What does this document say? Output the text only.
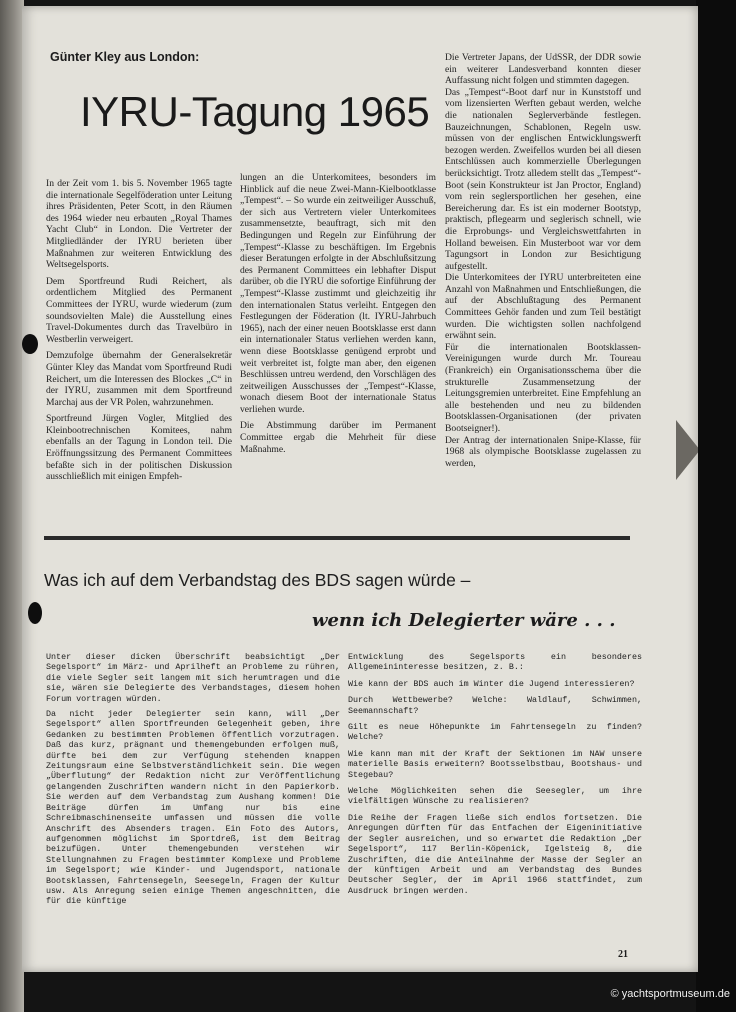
Günter Kley aus London:
IYRU-Tagung 1965

In der Zeit vom 1. bis 5. November 1965 tagte die internationale Segelföderation unter Leitung ihres Präsidenten, Peter Scott, in den Räumen des 1964 wieder neu erbauten „Royal Thames Yacht Club“ in London. Die Vertreter der Mitgliedländer der IYRU berieten über Maßnahmen zur weiteren Entwicklung des Weltsegelsports.

Dem Sportfreund Rudi Reichert, als ordentlichem Mitglied des Permanent Committees der IYRU, wurde wiederum (zum soundsovielten Male) die Ausstellung eines Travel-Dokumentes durch das Travelbüro in Westberlin verweigert.

Demzufolge übernahm der Generalsekretär Günter Kley das Mandat vom Sportfreund Rudi Reichert, um die Interessen des Blockes „C“ in der IYRU, zusammen mit dem Sportfreund Marchaj aus der VR Polen, wahrzunehmen.

Sportfreund Jürgen Vogler, Mitglied des Kleinbootrechnischen Komitees, nahm ebenfalls an der Tagung in London teil. Die Eröffnungssitzung des Permanent Committees befaßte sich in der politischen Diskussion ausschließlich mit einigen Empfeh-

lungen an die Unterkomitees, besonders im Hinblick auf die neue Zwei-Mann-Kielbootklasse „Tempest“. – So wurde ein zeitweiliger Ausschuß, der sich aus Vertretern vieler Unterkomitees zusammensetzte, beauftragt, sich mit den Bedingungen und Regeln zur Einführung der „Tempest“-Klasse zu beschäftigen. Im Ergebnis dieser Beratungen erfolgte in der Abschlußsitzung des Permanent Committees ein lebhafter Disput darüber, ob die IYRU die sofortige Einführung der „Tempest“-Klasse zustimmt und gleichzeitig ihr den internationalen Status verleiht. Entgegen den Festlegungen der Föderation (lt. IYRU-Jahrbuch 1965), nach der einer neuen Bootsklasse erst dann ein internationaler Status verliehen werden kann, wenn diese Bootsklasse genügend erprobt und weit verbreitet ist, folgte man aber, den eigenen Beschlüssen untreu werdend, den Vorschlägen des zeitweiligen Ausschusses der „Tempest“-Klasse, wonach diesem Boot der internationale Status verliehen wurde.

Die Abstimmung darüber im Permanent Committee ergab die Mehrheit für diese Maßnahme.

Die Vertreter Japans, der UdSSR, der DDR sowie ein weiterer Landesverband konnten dieser Auffassung nicht folgen und stimmten dagegen.

Das „Tempest“-Boot darf nur in Kunststoff und vom lizensierten Werften gebaut werden, welche die nationalen Seglerverbände festlegen. Bauzeichnungen, Schablonen, Regeln usw. müssen von der englischen Entwicklungswerft bezogen werden. Zweifellos wurden bei all diesen Entschlüssen auch kommerzielle Überlegungen berücksichtigt. Trotz alledem stellt das „Tempest“-Boot (sein Konstrukteur ist Jan Proctor, England) vom rein seglersportlichen her gesehen, eine Bereicherung dar. Es ist ein moderner Bootstyp, praktisch, pflegearm und seglerisch schnell, wie die Erprobungs- und Vergleichswettfahrten in Holland beweisen. Ein Musterboot war vor dem Tagungsort in London zur Besichtigung aufgestellt.

Die Unterkomitees der IYRU unterbreiteten eine Anzahl von Maßnahmen und Entschließungen, die auf der Abschlußtagung des Permanent Committees Gehör fanden und zum Teil bestätigt wurden. Die wichtigsten sollen nachfolgend erwähnt sein.

Für die internationalen Bootsklassen-Vereinigungen wurde durch Mr. Toureau (Frankreich) ein Organisationsschema über die strukturelle Zusammensetzung der Leitungsgremien unterbreitet. Eine Empfehlung an alle bestehenden und neu zu bildenden Bootsklassen-Organisationen (der privaten Bootseigner!).

Der Antrag der internationalen Snipe-Klasse, für 1968 als olympische Bootsklasse zugelassen zu werden,

Was ich auf dem Verbandstag des BDS sagen würde –
wenn ich Delegierter wäre . . .

Unter dieser dicken Überschrift beabsichtigt „Der Segelsport“ im März- und Aprilheft an Probleme zu rühren, die viele Segler seit langem mit sich herumtragen und die sie, wären sie Delegierte des Verbandstages, diesem hohen Forum vortragen würden.

Da nicht jeder Delegierter sein kann, will „Der Segelsport“ allen Sportfreunden Gelegenheit geben, ihre Gedanken zu bestimmten Problemen öffentlich vorzutragen. Daß das kurz, prägnant und themengebunden erfolgen muß, dürfte bei dem zur Verfügung stehenden knappen Zeitungsraum eine Selbstverständlichkeit sein. Die wegen „Überflutung“ der Redaktion nicht zur Veröffentlichung gelangenden Zuschriften wandern nicht in den Papierkorb. Sie werden auf dem Verbandstag zum Aushang kommen! Die Beiträge dürfen im Umfang nur bis eine Schreibmaschinenseite umfassen und müssen die volle Anschrift des Absenders tragen. Ein Foto des Autors, aufgenommen möglichst im Sportdreß, ist dem Beitrag beizufügen. Unter themengebunden verstehen wir Stellungnahmen zu Fragen bestimmter Komplexe und Probleme im Segelsport; wie Kinder- und Jugendsport, nationale Bootsklassen, Fahrtensegeln, Seesegeln, Fragen der Kultur usw. Als Anregung seien einige Themen angeschnitten, die für die künftige

Entwicklung des Segelsports ein besonderes Allgemeininteresse besitzen, z. B.:

Wie kann der BDS auch im Winter die Jugend interessieren?

Durch Wettbewerbe? Welche: Waldlauf, Schwimmen, Seemannschaft?

Gilt es neue Höhepunkte im Fahrtensegeln zu finden? Welche?

Wie kann man mit der Kraft der Sektionen im NAW unsere materielle Basis erweitern? Bootsselbstbau, Bootshaus- und Stegebau?

Welche Möglichkeiten sehen die Seesegler, um ihre vielfältigen Wünsche zu realisieren?

Die Reihe der Fragen ließe sich endlos fortsetzen. Die Anregungen dürften für das Entfachen der Eigeninitiative der Segler ausreichen, und so erwartet die Redaktion „Der Segelsport“, 117 Berlin-Köpenick, Igelsteig 8, die Zuschriften, die die Anteilnahme der Masse der Segler an der künftigen Arbeit und am Verbandstag des Bundes Deutscher Segler, der im April 1966 stattfindet, zum Ausdruck bringen werden.

21
© yachtsportmuseum.de
